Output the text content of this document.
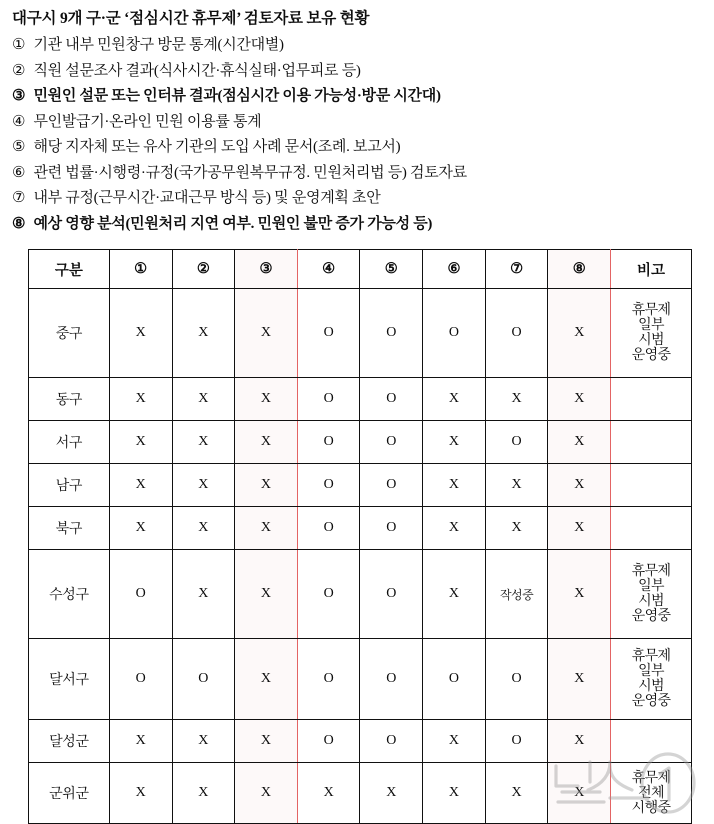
대구시 9개 구·군 ‘점심시간 휴무제’ 검토자료 보유 현황
① 기관 내부 민원창구 방문 통계(시간대별)
② 직원 설문조사 결과(식사시간·휴식실태·업무피로 등)
③ 민원인 설문 또는 인터뷰 결과(점심시간 이용 가능성·방문 시간대)
④ 무인발급기·온라인 민원 이용률 통계
⑤ 해당 지자체 또는 유사 기관의 도입 사례 문서(조례. 보고서)
⑥ 관련 법률·시행령·규정(국가공무원복무규정. 민원처리법 등) 검토자료
⑦ 내부 규정(근무시간·교대근무 방식 등) 및 운영계획 초안
⑧ 예상 영향 분석(민원처리 지연 여부. 민원인 불만 증가 가능성 등)
구분	①	②	③	④	⑤	⑥	⑦	⑧	비고
중구	X	X	X	O	O	O	O	X	휴무제
일부
시범
운영중

동구	X	X	X	O	O	X	X	X	
서구	X	X	X	O	O	X	O	X	
남구	X	X	X	O	O	X	X	X	
북구	X	X	X	O	O	X	X	X	
수성구	O	X	X	O	O	X	작성중	X	휴무제
일부
시범
운영중

달서구	O	O	X	O	O	O	O	X	휴무제
일부
시범
운영중

달성군	X	X	X	O	O	X	O	X	
군위군	X	X	X	X	X	X	X	X	휴무제
전체
시행중
